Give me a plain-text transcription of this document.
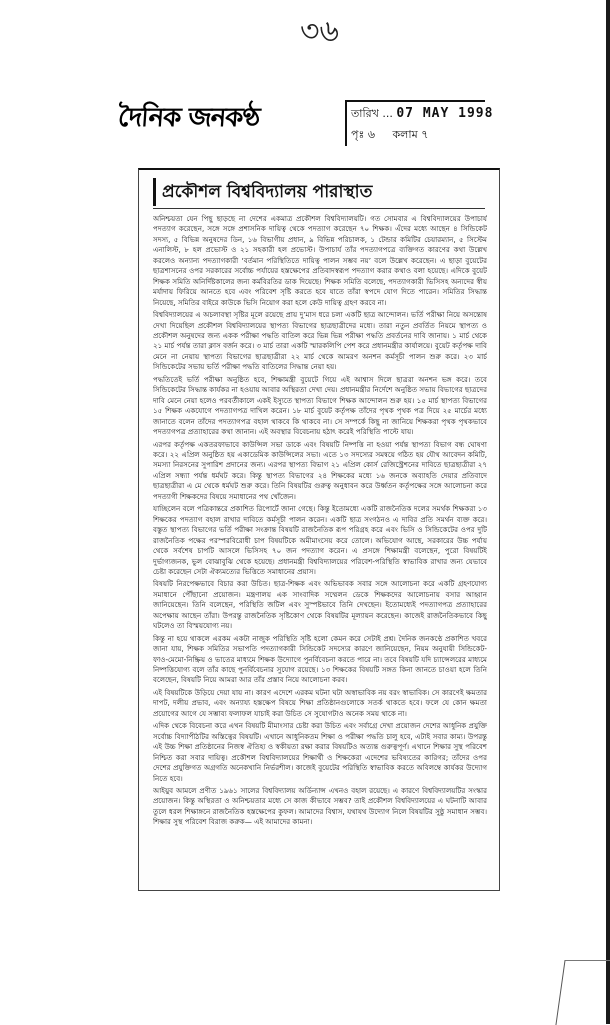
৩৬
দৈনিক জনকণ্ঠ	তারিখ ... 07 MAY 1998
পৃঃ ৬ কলাম ৭
প্রকৌশল বিশ্ববিদ্যালয় পারাস্থাত

অনিশ্চয়তা যেন পিছু ছাড়ছে না দেশের একমাত্র প্রকৌশল বিশ্ববিদ্যালয়টি। গত সোমবার এ বিশ্ববিদ্যালয়ের উপাচার্য পদত্যাগ করেছেন, সঙ্গে সঙ্গে প্রশাসনিক দায়িত্ব থেকে পদত্যাগ করেছেন ৭০ শিক্ষক। এঁদের মধ্যে আছেন ৪ সিন্ডিকেট সদস্য, ৫ বিভিন্ন অনুষদের ডিন, ১৬ বিভাগীয় প্রধান, ৯ বিভিন্ন পরিচালক, ১ টেন্ডার কমিটির চেয়ারম্যান, ৫ সিস্টেম এনালিস্ট, ৮ হল প্রভোস্ট ও ২১ সহকারী হল প্রভোস্ট। উপাচার্য তাঁর পদত্যাগপত্রে ব্যক্তিগত কারণের কথা উল্লেখ করলেও অন্যান্য পদত্যাগকারী ‘বর্তমান পরিস্থিতিতে দায়িত্ব পালন সম্ভব নয়’ বলে উল্লেখ করেছেন। এ ছাড়া বুয়েটের ছাত্রশাসনের ওপর সরকারের সর্বোচ্চ পর্যায়ের হস্তক্ষেপের প্রতিবাদস্বরূপ পদত্যাগ করার কথাও বলা হয়েছে। এদিকে বুয়েট শিক্ষক সমিতি অনির্দিষ্টকালের জন্য কর্মবিরতির ডাক দিয়েছে। শিক্ষক সমিতি বলেছে, পদত্যাগকারী ভিসিসহ অন্যদের স্বীয় মর্যাদায় ফিরিয়ে আনতে হবে এবং পরিবেশ সৃষ্টি করতে হবে যাতে তাঁরা স্বপদে যোগ দিতে পারেন। সমিতির সিদ্ধান্ত নিয়েছে, সমিতির বাইরে কাউকে ভিসি নিয়োগ করা হলে কেউ দায়িত্ব গ্রহণ করবে না।

বিশ্ববিদ্যালয়ের এ অচলাবস্থা সৃষ্টির মূলে রয়েছে প্রায় দু’মাস ধরে চলা একটি ছাত্র আন্দোলন। ভর্তি পরীক্ষা নিয়ে অসন্তোষ দেখা দিয়েছিল প্রকৌশল বিশ্ববিদ্যালয়ের স্থাপত্য বিভাগের ছাত্রছাত্রীদের মধ্যে। তারা নতুন প্রবর্তিত নিয়মে স্থাপত্য ও প্রকৌশল অনুষদের জন্য একক পরীক্ষা পদ্ধতি বাতিল করে ভিন্ন ভিন্ন পরীক্ষা পদ্ধতি প্রবর্তনের দাবি জানায়। ১ মার্চ থেকে ২১ মার্চ পর্যন্ত তারা ক্লাস বর্জন করে। ৩ মার্চ তারা একটি স্মারকলিপি পেশ করে প্রধানমন্ত্রীর কার্যালয়ে। বুয়েট কর্তৃপক্ষ দাবি মেনে না নেয়ায় স্থাপত্য বিভাগের ছাত্রছাত্রীরা ২২ মার্চ থেকে আমরণ অনশন কর্মসূচী পালন শুরু করে। ২৩ মার্চ সিন্ডিকেটের সভায় ভর্তি পরীক্ষা পদ্ধতি বাতিলের সিদ্ধান্ত নেয়া হয়।

পদ্ধতিতেই ভর্তি পরীক্ষা অনুষ্ঠিত হবে, শিক্ষামন্ত্রী বুয়েটে গিয়ে এই আশ্বাস দিলে ছাত্ররা অনশন ভঙ্গ করে। তবে সিন্ডিকেটের সিদ্ধান্ত কার্যকর না হওয়ায় আবার অস্থিরতা দেখা দেয়। প্রধানমন্ত্রীর নির্দেশে অনুষ্ঠিত সভায় বিভাগের ছাত্রদের দাবি মেনে নেয়া হলেও পরবর্তীকালে একই ইস্যুতে স্থাপত্য বিভাগে শিক্ষক আন্দোলন শুরু হয়। ১৫ মার্চ স্থাপত্য বিভাগের ১৫ শিক্ষক একযোগে পদত্যাগপত্র দাখিল করেন। ১৮ মার্চ বুয়েট কর্তৃপক্ষ তাঁদের পৃথক পৃথক পত্র দিয়ে ২৫ মার্চের মধ্যে জানাতে বলেন তাঁদের পদত্যাগপত্র বহাল থাকবে কি থাকবে না। সে সম্পর্কে কিছু না জানিয়ে শিক্ষকরা পৃথক পৃথকভাবে পদত্যাগপত্র প্রত্যাহারের কথা জানান। এই অবস্থার বিবেচনায় হঠাৎ করেই পরিস্থিতি পাল্টে যায়।

এরপর কর্তৃপক্ষ একতরফাভাবে কাউন্সিল সভা ডাকে এবং বিষয়টি নিষ্পত্তি না হওয়া পর্যন্ত স্থাপত্য বিভাগ বন্ধ ঘোষণা করে। ২২ এপ্রিল অনুষ্ঠিত হয় একাডেমিক কাউন্সিলের সভা। এতে ১৩ সদস্যের সমন্বয়ে গঠিত হয় যৌথ আবেদন কমিটি, সমস্যা নিরসনের সুপারিশ প্রদানের জন্য। এরপর স্থাপত্য বিভাগ ২১ এপ্রিল কোর্স রেজিস্ট্রেশনের দাবিতে ছাত্রছাত্রীরা ২৭ এপ্রিল সন্ধ্যা পর্যন্ত ধর্মঘট করে। কিন্তু স্থাপত্য বিভাগের ২৪ শিক্ষকের মধ্যে ১৬ জনকে অব্যাহতি দেয়ার প্রতিবাদে ছাত্রছাত্রীরা এ মে থেকে ধর্মঘট শুরু করে। তিনি বিষয়টির গুরুত্ব অনুধাবন করে উর্ধ্বতন কর্তৃপক্ষের সঙ্গে আলোচনা করে পদত্যাগী শিক্ষকদের বিষয়ে সমাধানের পথ খোঁজেন।

যাচ্ছিলেন বলে পত্রিকান্তরে প্রকাশিত রিপোর্টে জানা গেছে। কিন্তু ইতোমধ্যে একটি রাজনৈতিক দলের সমর্থক শিক্ষকরা ১৩ শিক্ষকের পদত্যাগ বহাল রাখার দাবিতে কর্মসূচী পালন করেন। একটি ছাত্র সংগঠনও এ দাবির প্রতি সমর্থন ব্যক্ত করে। বস্তুত স্থাপত্য বিভাগের ভর্তি পরীক্ষা সংক্রান্ত বিষয়টি রাজনৈতিক রূপ পরিগ্রহ করে এবং ভিসি ও সিন্ডিকেটের ওপর দুটি রাজনৈতিক পক্ষের পরস্পরবিরোধী চাপ বিষয়টিকে অমীমাংসেয় করে তোলে। অভিযোগ আছে, সরকারের উচ্চ পর্যায় থেকে সর্বশেষ চাপটি আসলে ভিসিসহ ৭০ জন পদত্যাগ করেন। এ প্রসঙ্গে শিক্ষামন্ত্রী বলেছেন, পুরো বিষয়টিই দুর্ভাগ্যজনক, ভুল বোঝাবুঝি থেকে হয়েছে। প্রধানমন্ত্রী বিশ্ববিদ্যালয়ের পরিবেশ-পরিস্থিতি স্বাভাবিক রাখার জন্য যেভাবে চেষ্টা করেছেন সেটা ঐক্যমত্যের ভিত্তিতে সমাধানের প্রয়াস।

বিষয়টি নিরপেক্ষভাবে বিচার করা উচিত। ছাত্র-শিক্ষক এবং অভিভাবক সবার সঙ্গে আলোচনা করে একটি গ্রহণযোগ্য সমাধানে পৌঁছানো প্রয়োজন। মন্ত্রণালয় এক সাংবাদিক সম্মেলন ডেকে শিক্ষকদের আলোচনায় বসার আহ্বান জানিয়েছেন। তিনি বলেছেন, পরিস্থিতি জটিল এবং সুস্পষ্টভাবে তিনি দেখছেন। ইতোমধ্যেই পদত্যাগপত্র প্রত্যাহারের অপেক্ষায় আছেন তাঁরা। উপরন্তু রাজনৈতিক সৃষ্টিকোণ থেকে বিষয়টির মূল্যায়ন করেছেন। কাজেই রাজনৈতিকভাবে কিছু ঘটলেও তা বিস্ময়যোগ্য নয়।

কিন্তু না হয়ে থাকলে এরকম একটা নাজুক পরিস্থিতি সৃষ্টি হলো কেমন করে সেটাই প্রশ্ন। দৈনিক জনকণ্ঠে প্রকাশিত খবরে জানা যায়, শিক্ষক সমিতির সভাপতি পদত্যাগকারী সিন্ডিকেট সদস্যের কারণে জানিয়েছেন, নিয়ম অনুযায়ী সিন্ডিকেট-ফাও-মেমো-নিষ্ক্রিয় ও ভাতের মাধ্যমে শিক্ষক উদ্যোগে পুনর্বিবেচনা করতে পারে না। তবে বিষয়টি যদি চ্যান্সেলরের মাধ্যমে নিষ্পত্তিযোগ্য বলে তাঁর কাছে পুনর্বিবেচনার সুযোগ রয়েছে। ১৩ শিক্ষকের বিষয়টি সঙ্গত কিনা জানতে চাওয়া হলে তিনি বলেছেন, বিষয়টি নিয়ে আমরা আর তাঁর প্রস্তাব নিয়ে আলোচনা করব।

এই বিষয়টিকে উড়িয়ে দেয়া যায় না। কারণ এদেশে এরকম ঘটনা ঘটা অস্বাভাবিক নয় বরং স্বাভাবিক। সে কারণেই ক্ষমতার দাপট, দলীয় প্রভাব, এবং অন্যায্য হস্তক্ষেপ বিষয়ে শিক্ষা প্রতিষ্ঠানগুলোকে সতর্ক থাকতে হবে। ফলে যে কোন ক্ষমতা প্রয়োগের আগে যে সম্ভাব্য ফলাফল যাচাই করা উচিত সে সুযোগটাও অনেক সময় থাকে না।

এদিক থেকে বিবেচনা করে এখন বিষয়টি মীমাংসার চেষ্টা করা উচিত এবং সর্বাগ্রে দেখা প্রয়োজন দেশের আধুনিক প্রযুক্তি সর্বোচ্চ বিদ্যাপীঠটির অস্তিত্বের বিষয়টি। এখানে আধুনিকতম শিক্ষা ও পরীক্ষা পদ্ধতি চালু হবে, এটাই সবার কাম্য। উপরন্তু এই উচ্চ শিক্ষা প্রতিষ্ঠানের নিজস্ব ঐতিহ্য ও স্বকীয়তা রক্ষা করার বিষয়টিও অত্যন্ত গুরুত্বপূর্ণ। এখানে শিক্ষার সুস্থ পরিবেশ নিশ্চিত করা সবার দায়িত্ব। প্রকৌশল বিশ্ববিদ্যালয়ের শিক্ষার্থী ও শিক্ষকেরা এদেশের ভবিষ্যতের কারিগর; তাঁদের ওপর দেশের প্রযুক্তিগত অগ্রগতি অনেকখানি নির্ভরশীল। কাজেই বুয়েটের পরিস্থিতি স্বাভাবিক করতে অবিলম্বে কার্যকর উদ্যোগ নিতে হবে।

আইয়ুব আমলে প্রণীত ১৯৬১ সালের বিশ্ববিদ্যালয় অর্ডিন্যান্স এখনও বহাল রয়েছে। এ কারণে বিশ্ববিদ্যালয়টির সংস্কার প্রয়োজন। কিন্তু অস্থিরতা ও অনিশ্চয়তার মধ্যে সে কাজ কীভাবে সম্ভব? তাই প্রকৌশল বিশ্ববিদ্যালয়ের এ ঘটনাটি আবার তুলে ধরল শিক্ষাঙ্গনে রাজনৈতিক হস্তক্ষেপের কুফল। আমাদের বিশ্বাস, যথাযথ উদ্যোগ নিলে বিষয়টির সুষ্ঠু সমাধান সম্ভব। শিক্ষার সুস্থ পরিবেশ বিরাজ করুক— এই আমাদের কামনা।
